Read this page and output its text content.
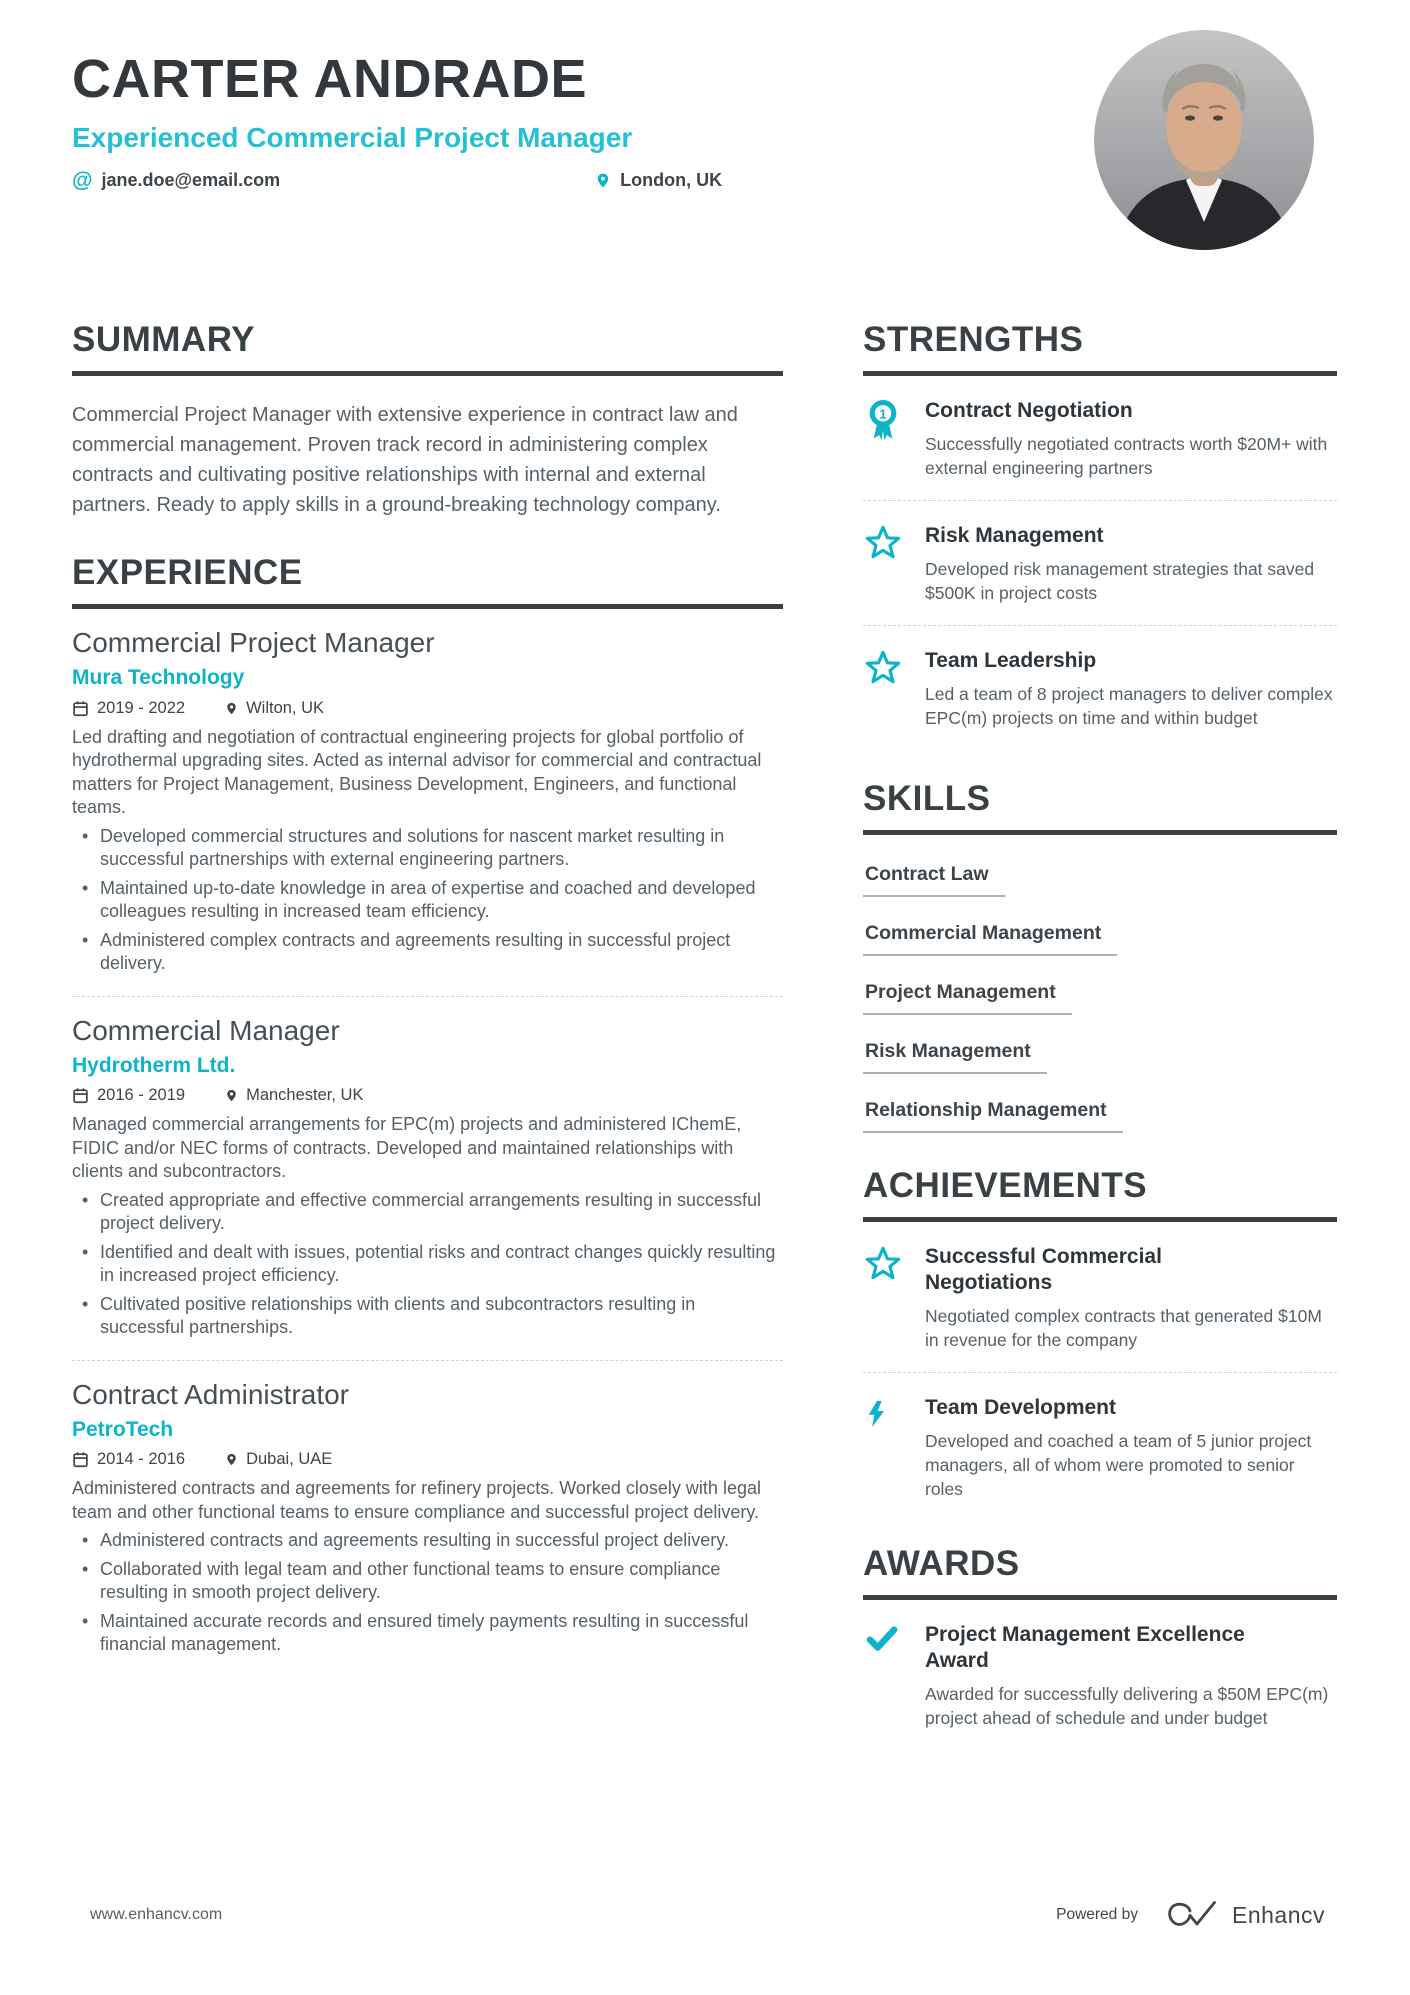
CARTER ANDRADE
Experienced Commercial Project Manager
@
jane.doe@email.com	London, UK
SUMMARY
Commercial Project Manager with extensive experience in contract law and commercial management. Proven track record in administering complex contracts and cultivating positive relationships with internal and external partners. Ready to apply skills in a ground-breaking technology company.
EXPERIENCE
Commercial Project Manager
Mura Technology
2019 - 2022	Wilton, UK
Led drafting and negotiation of contractual engineering projects for global portfolio of hydrothermal upgrading sites. Acted as internal advisor for commercial and contractual matters for Project Management, Business Development, Engineers, and functional teams.
• Developed commercial structures and solutions for nascent market resulting in successful partnerships with external engineering partners.
• Maintained up-to-date knowledge in area of expertise and coached and developed colleagues resulting in increased team efficiency.
• Administered complex contracts and agreements resulting in successful project delivery.
Commercial Manager
Hydrotherm Ltd.
2016 - 2019	Manchester, UK
Managed commercial arrangements for EPC(m) projects and administered IChemE, FIDIC and/or NEC forms of contracts. Developed and maintained relationships with clients and subcontractors.
• Created appropriate and effective commercial arrangements resulting in successful project delivery.
• Identified and dealt with issues, potential risks and contract changes quickly resulting in increased project efficiency.
• Cultivated positive relationships with clients and subcontractors resulting in successful partnerships.
Contract Administrator
PetroTech
2014 - 2016	Dubai, UAE
Administered contracts and agreements for refinery projects. Worked closely with legal team and other functional teams to ensure compliance and successful project delivery.
• Administered contracts and agreements resulting in successful project delivery.
• Collaborated with legal team and other functional teams to ensure compliance resulting in smooth project delivery.
• Maintained accurate records and ensured timely payments resulting in successful financial management.
STRENGTHS
1 Contract Negotiation
Successfully negotiated contracts worth $20M+ with external engineering partners
Risk Management
Developed risk management strategies that saved $500K in project costs
Team Leadership
Led a team of 8 project managers to deliver complex EPC(m) projects on time and within budget
SKILLS
Contract Law
Commercial Management
Project Management
Risk Management
Relationship Management
ACHIEVEMENTS
Successful Commercial Negotiations
Negotiated complex contracts that generated $10M in revenue for the company
Team Development
Developed and coached a team of 5 junior project managers, all of whom were promoted to senior roles
AWARDS
Project Management Excellence Award
Awarded for successfully delivering a $50M EPC(m) project ahead of schedule and under budget
www.enhancv.com	Powered by	Enhancv
